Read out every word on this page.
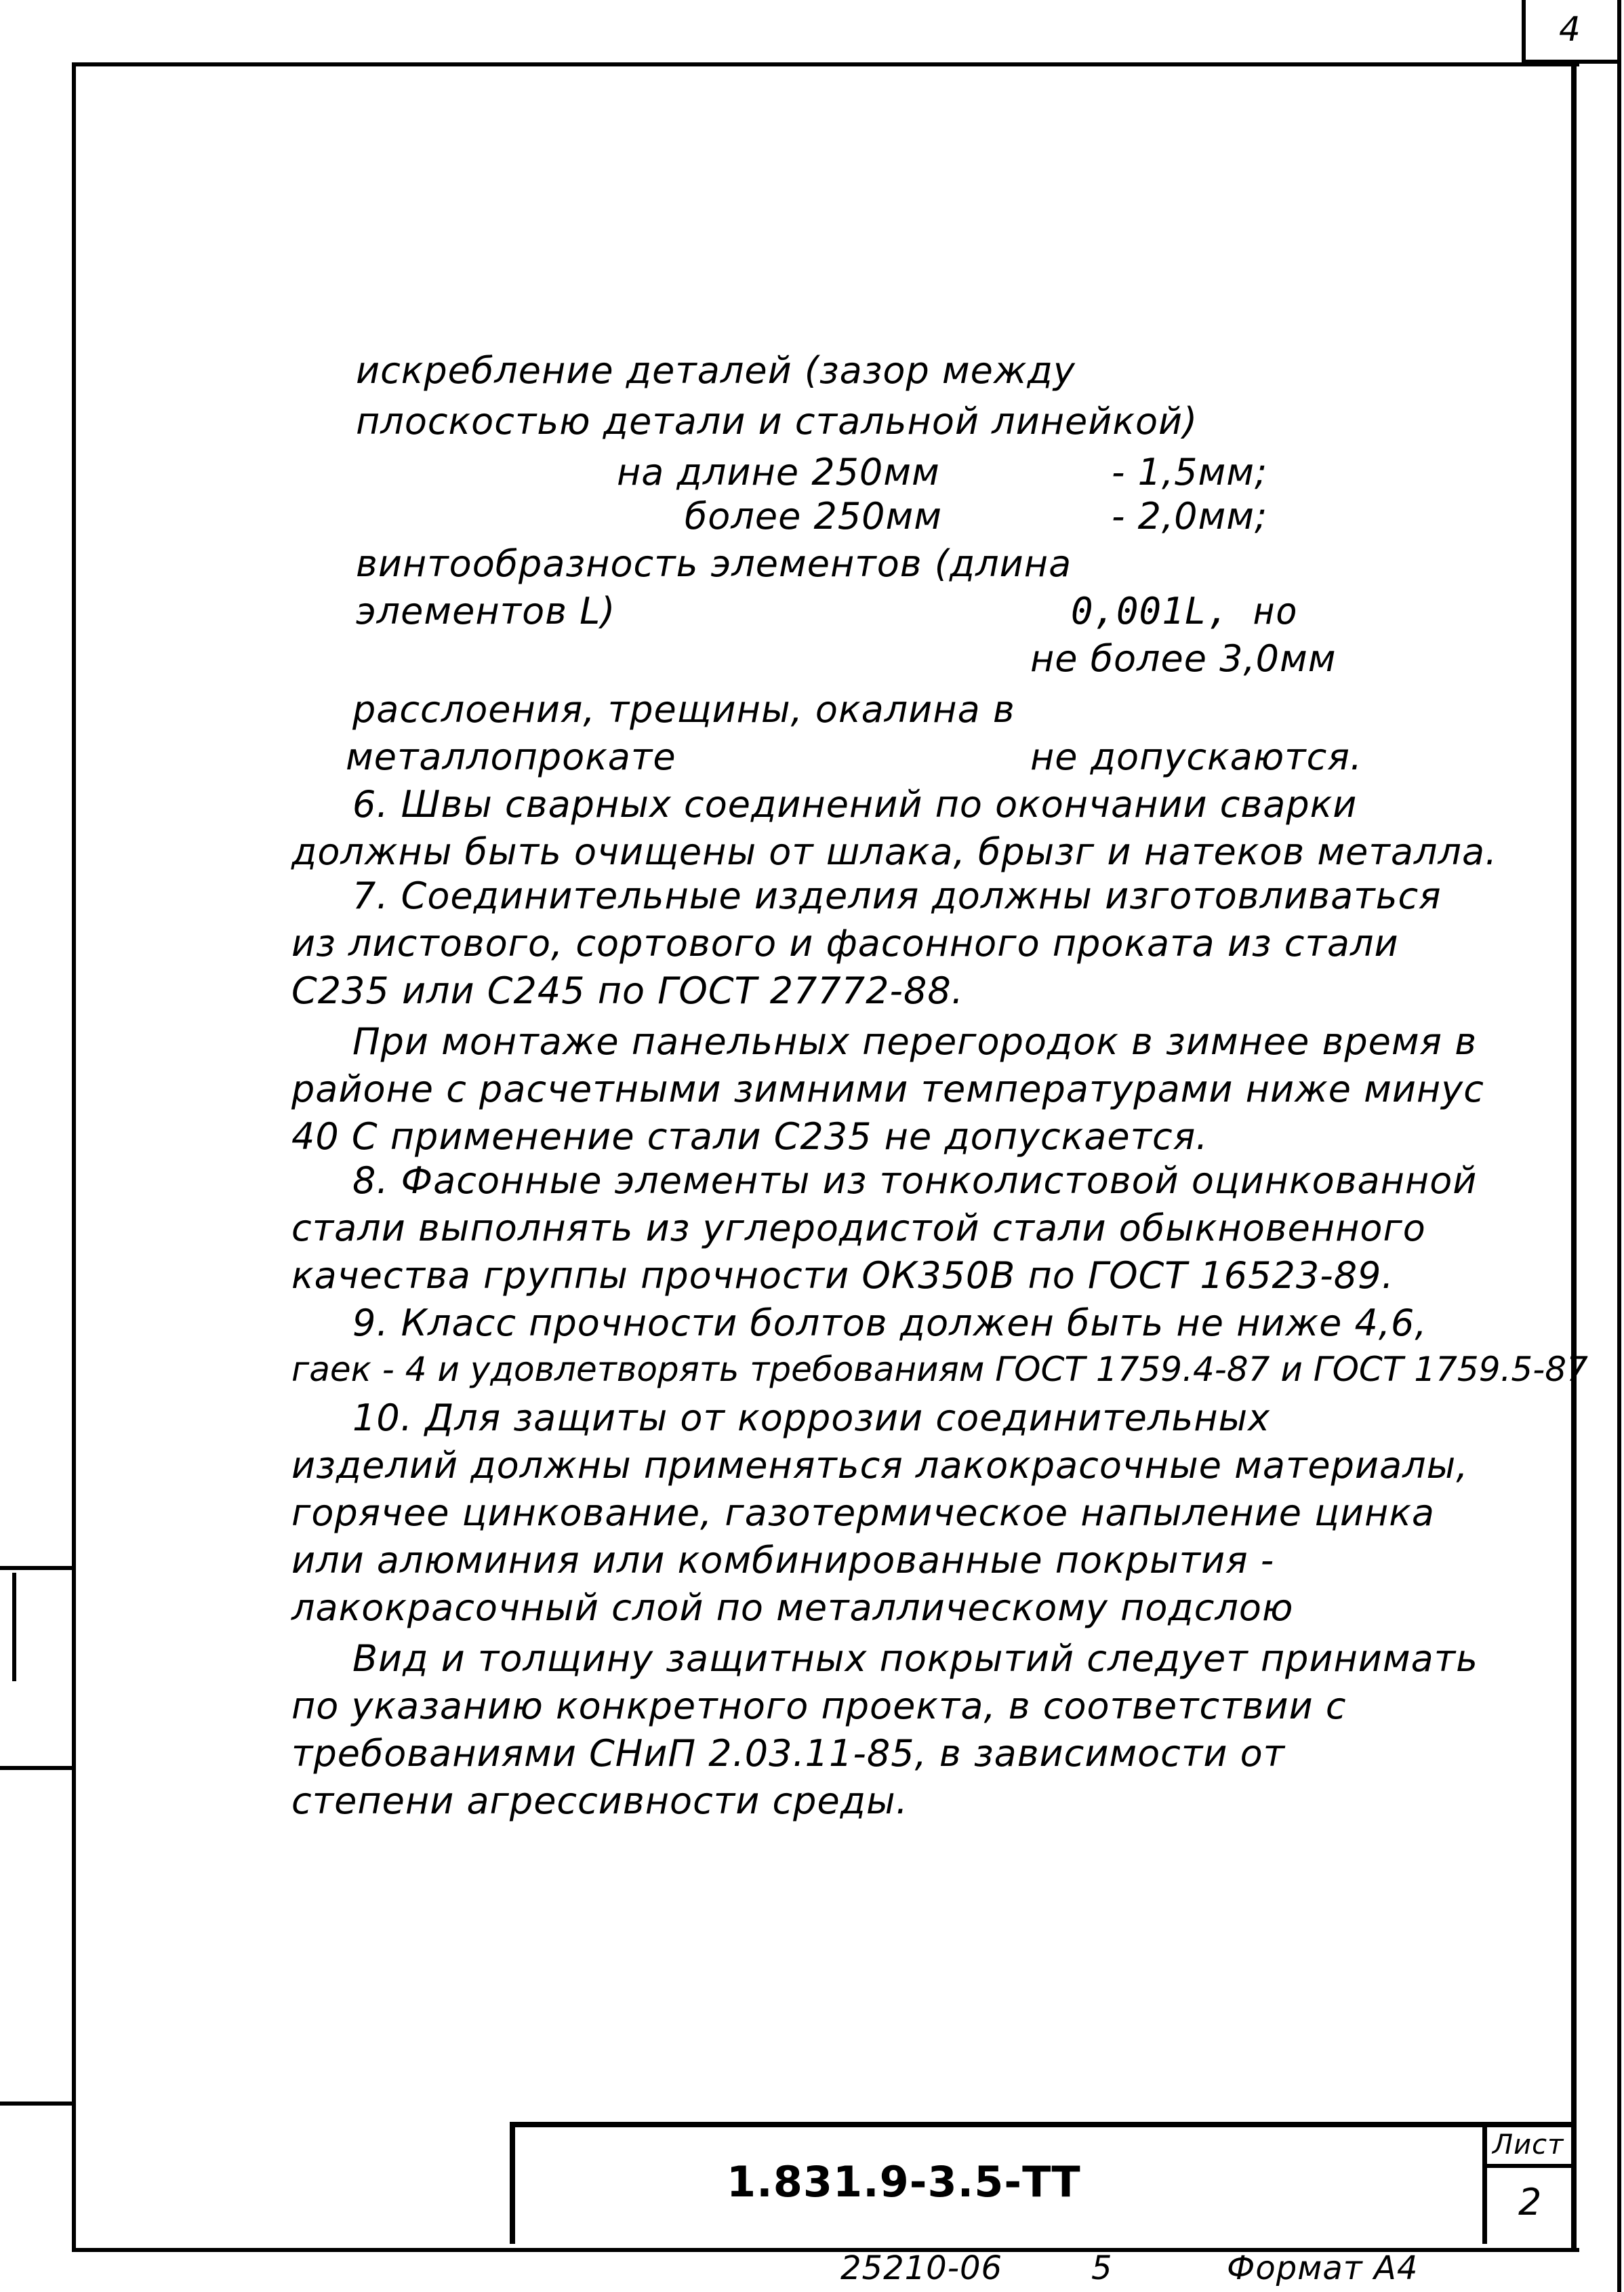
4
искребление деталей (зазор между
плоскостью детали и стальной линейкой)
на длине 250мм	- 1,5мм;
более 250мм	- 2,0мм;
винтообразность элементов (длина
элементов L)	0,001L, но
не более 3,0мм
расслоения, трещины, окалина в
металлопрокате	не допускаются.
6. Швы сварных соединений по окончании сварки
должны быть очищены от шлака, брызг и натеков металла.
7. Соединительные изделия должны изготовливаться
из листового, сортового и фасонного проката из стали
С235 или С245 по ГОСТ 27772-88.
При монтаже панельных перегородок в зимнее время в
районе с расчетными зимними температурами ниже минус
40 С применение стали С235 не допускается.
8. Фасонные элементы из тонколистовой оцинкованной
стали выполнять из углеродистой стали обыкновенного
качества группы прочности ОК350В по ГОСТ 16523-89.
9. Класс прочности болтов должен быть не ниже 4,6,
гаек - 4 и удовлетворять требованиям ГОСТ 1759.4-87 и ГОСТ 1759.5-87
10. Для защиты от коррозии соединительных
изделий должны применяться лакокрасочные материалы,
горячее цинкование, газотермическое напыление цинка
или алюминия или комбинированные покрытия -
лакокрасочный слой по металлическому подслою
Вид и толщину защитных покрытий следует принимать
по указанию конкретного проекта, в соответствии с
требованиями СНиП 2.03.11-85, в зависимости от
степени агрессивности среды.
1.831.9-3.5-ТТ
Лист
2
25210-06	5	Формат А4
